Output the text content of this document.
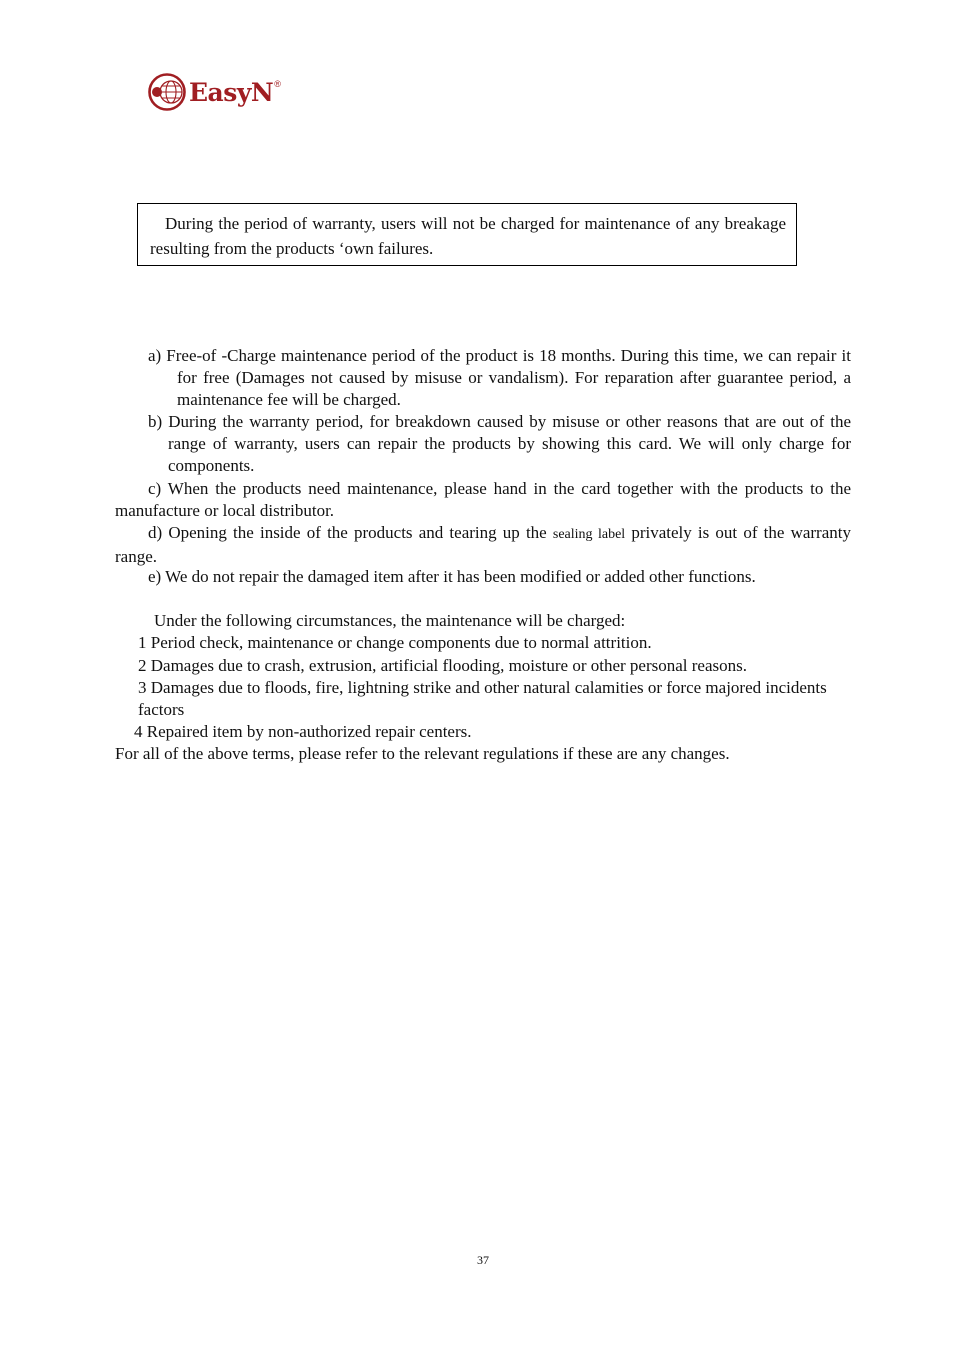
EasyN ®
During the period of warranty, users will not be charged for maintenance of any breakage resulting from the products ‘own failures.

a) Free-of -Charge maintenance period of the product is 18 months. During this time, we can repair it for free (Damages not caused by misuse or vandalism). For reparation after guarantee period, a maintenance fee will be charged.

b) During the warranty period, for breakdown caused by misuse or other reasons that are out of the range of warranty, users can repair the products by showing this card. We will only charge for components.

c) When the products need maintenance, please hand in the card together with the products to the manufacture or local distributor.

d) Opening the inside of the products and tearing up the sealing label privately is out of the warranty range.

e) We do not repair the damaged item after it has been modified or added other functions.

Under the following circumstances, the maintenance will be charged:

1 Period check, maintenance or change components due to normal attrition.

2 Damages due to crash, extrusion, artificial flooding, moisture or other personal reasons.

3 Damages due to floods, fire, lightning strike and other natural calamities or force majored incidents factors

4 Repaired item by non-authorized repair centers.

For all of the above terms, please refer to the relevant regulations if these are any changes.

37
